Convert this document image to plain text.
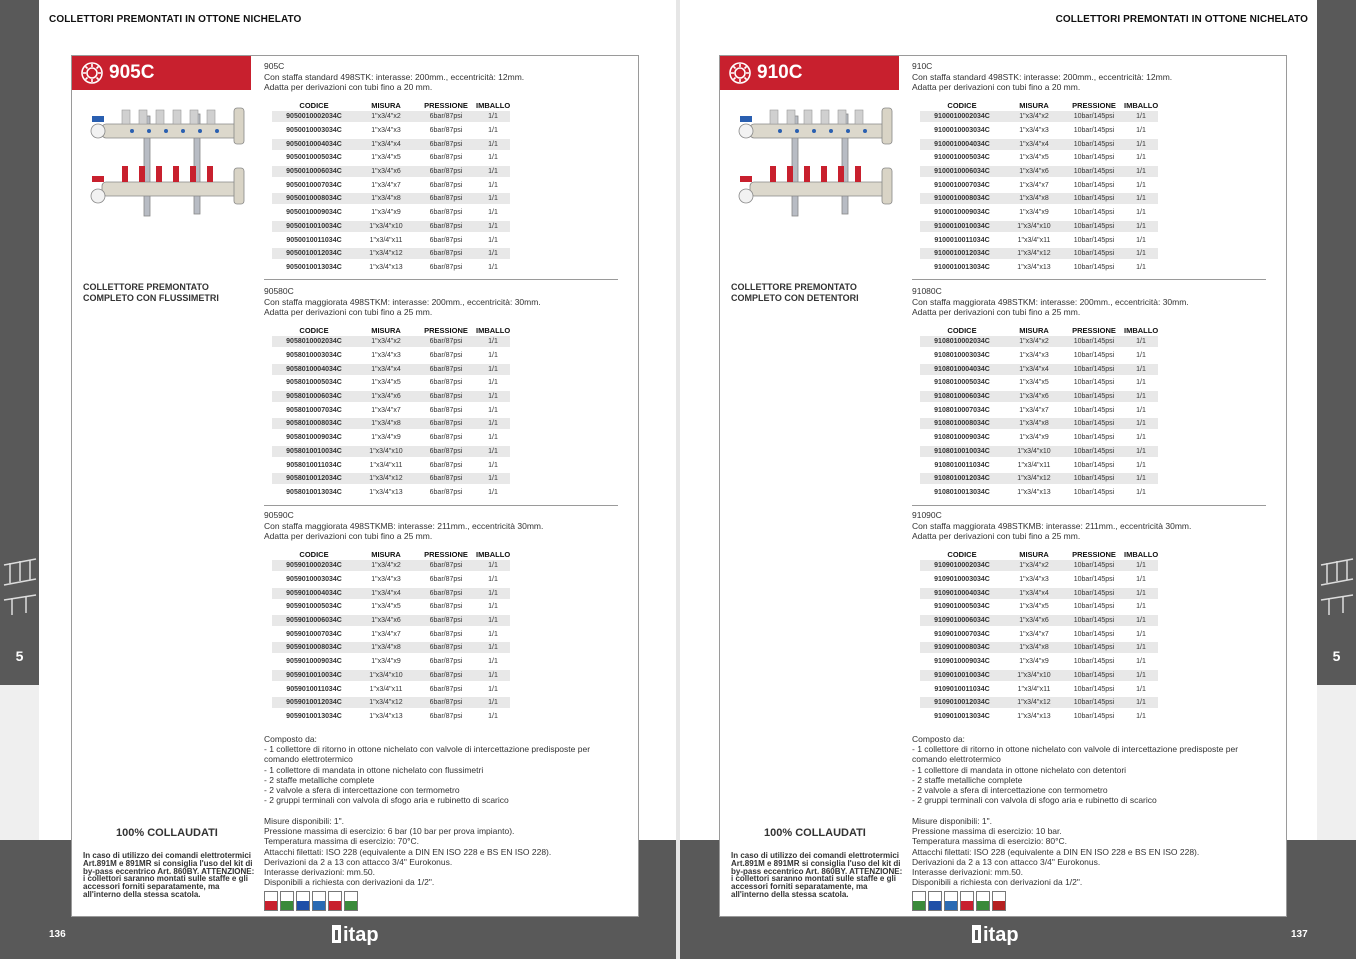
COLLETTORI PREMONTATI IN OTTONE NICHELATO	COLLETTORI PREMONTATI IN OTTONE NICHELATO
5	5
136	137
itap	itap
905C
COLLETTORE PREMONTATO COMPLETO CON FLUSSIMETRI
100% COLLAUDATI
In caso di utilizzo dei comandi elettrotermici Art.891M e 891MR si consiglia l'uso del kit di by-pass eccentrico Art. 860BY. ATTENZIONE: i collettori saranno montati sulle staffe e gli accessori forniti separatamente, ma all'interno della stessa scatola.
905C
Con staffa standard 498STK: interasse: 200mm., eccentricità: 12mm.
Adatta per derivazioni con tubi fino a 20 mm.
CODICE	MISURA	PRESSIONE	IMBALLO
9050010002034C	1"x3/4"x2	6bar/87psi	1/1
9050010003034C	1"x3/4"x3	6bar/87psi	1/1
9050010004034C	1"x3/4"x4	6bar/87psi	1/1
9050010005034C	1"x3/4"x5	6bar/87psi	1/1
9050010006034C	1"x3/4"x6	6bar/87psi	1/1
9050010007034C	1"x3/4"x7	6bar/87psi	1/1
9050010008034C	1"x3/4"x8	6bar/87psi	1/1
9050010009034C	1"x3/4"x9	6bar/87psi	1/1
9050010010034C	1"x3/4"x10	6bar/87psi	1/1
9050010011034C	1"x3/4"x11	6bar/87psi	1/1
9050010012034C	1"x3/4"x12	6bar/87psi	1/1
9050010013034C	1"x3/4"x13	6bar/87psi	1/1
90580C
Con staffa maggiorata 498STKM: interasse: 200mm., eccentricità: 30mm.
Adatta per derivazioni con tubi fino a 25 mm.
CODICE	MISURA	PRESSIONE	IMBALLO
9058010002034C	1"x3/4"x2	6bar/87psi	1/1
9058010003034C	1"x3/4"x3	6bar/87psi	1/1
9058010004034C	1"x3/4"x4	6bar/87psi	1/1
9058010005034C	1"x3/4"x5	6bar/87psi	1/1
9058010006034C	1"x3/4"x6	6bar/87psi	1/1
9058010007034C	1"x3/4"x7	6bar/87psi	1/1
9058010008034C	1"x3/4"x8	6bar/87psi	1/1
9058010009034C	1"x3/4"x9	6bar/87psi	1/1
9058010010034C	1"x3/4"x10	6bar/87psi	1/1
9058010011034C	1"x3/4"x11	6bar/87psi	1/1
9058010012034C	1"x3/4"x12	6bar/87psi	1/1
9058010013034C	1"x3/4"x13	6bar/87psi	1/1
90590C
Con staffa maggiorata 498STKMB: interasse: 211mm., eccentricità 30mm.
Adatta per derivazioni con tubi fino a 25 mm.
CODICE	MISURA	PRESSIONE	IMBALLO
9059010002034C	1"x3/4"x2	6bar/87psi	1/1
9059010003034C	1"x3/4"x3	6bar/87psi	1/1
9059010004034C	1"x3/4"x4	6bar/87psi	1/1
9059010005034C	1"x3/4"x5	6bar/87psi	1/1
9059010006034C	1"x3/4"x6	6bar/87psi	1/1
9059010007034C	1"x3/4"x7	6bar/87psi	1/1
9059010008034C	1"x3/4"x8	6bar/87psi	1/1
9059010009034C	1"x3/4"x9	6bar/87psi	1/1
9059010010034C	1"x3/4"x10	6bar/87psi	1/1
9059010011034C	1"x3/4"x11	6bar/87psi	1/1
9059010012034C	1"x3/4"x12	6bar/87psi	1/1
9059010013034C	1"x3/4"x13	6bar/87psi	1/1
Composto da:
- 1 collettore di ritorno in ottone nichelato con valvole di intercettazione predisposte per comando elettrotermico
- 1 collettore di mandata in ottone nichelato con flussimetri
- 2 staffe metalliche complete
- 2 valvole a sfera di intercettazione con termometro
- 2 gruppi terminali con valvola di sfogo aria e rubinetto di scarico
Misure disponibili: 1".
Pressione massima di esercizio: 6 bar (10 bar per prova impianto).
Temperatura massima di esercizio: 70°C.
Attacchi filettati: ISO 228 (equivalente a DIN EN ISO 228 e BS EN ISO 228).
Derivazioni da 2 a 13 con attacco 3/4" Eurokonus.
Interasse derivazioni: mm.50.
Disponibili a richiesta con derivazioni da 1/2".
910C
COLLETTORE PREMONTATO COMPLETO CON DETENTORI
100% COLLAUDATI
In caso di utilizzo dei comandi elettrotermici Art.891M e 891MR si consiglia l'uso del kit di by-pass eccentrico Art. 860BY. ATTENZIONE: i collettori saranno montati sulle staffe e gli accessori forniti separatamente, ma all'interno della stessa scatola.
910C
Con staffa standard 498STK: interasse: 200mm., eccentricità: 12mm.
Adatta per derivazioni con tubi fino a 20 mm.
CODICE	MISURA	PRESSIONE	IMBALLO
9100010002034C	1"x3/4"x2	10bar/145psi	1/1
9100010003034C	1"x3/4"x3	10bar/145psi	1/1
9100010004034C	1"x3/4"x4	10bar/145psi	1/1
9100010005034C	1"x3/4"x5	10bar/145psi	1/1
9100010006034C	1"x3/4"x6	10bar/145psi	1/1
9100010007034C	1"x3/4"x7	10bar/145psi	1/1
9100010008034C	1"x3/4"x8	10bar/145psi	1/1
9100010009034C	1"x3/4"x9	10bar/145psi	1/1
9100010010034C	1"x3/4"x10	10bar/145psi	1/1
9100010011034C	1"x3/4"x11	10bar/145psi	1/1
9100010012034C	1"x3/4"x12	10bar/145psi	1/1
9100010013034C	1"x3/4"x13	10bar/145psi	1/1
91080C
Con staffa maggiorata 498STKM: interasse: 200mm., eccentricità: 30mm.
Adatta per derivazioni con tubi fino a 25 mm.
CODICE	MISURA	PRESSIONE	IMBALLO
9108010002034C	1"x3/4"x2	10bar/145psi	1/1
9108010003034C	1"x3/4"x3	10bar/145psi	1/1
9108010004034C	1"x3/4"x4	10bar/145psi	1/1
9108010005034C	1"x3/4"x5	10bar/145psi	1/1
9108010006034C	1"x3/4"x6	10bar/145psi	1/1
9108010007034C	1"x3/4"x7	10bar/145psi	1/1
9108010008034C	1"x3/4"x8	10bar/145psi	1/1
9108010009034C	1"x3/4"x9	10bar/145psi	1/1
9108010010034C	1"x3/4"x10	10bar/145psi	1/1
9108010011034C	1"x3/4"x11	10bar/145psi	1/1
9108010012034C	1"x3/4"x12	10bar/145psi	1/1
9108010013034C	1"x3/4"x13	10bar/145psi	1/1
91090C
Con staffa maggiorata 498STKMB: interasse: 211mm., eccentricità 30mm.
Adatta per derivazioni con tubi fino a 25 mm.
CODICE	MISURA	PRESSIONE	IMBALLO
9109010002034C	1"x3/4"x2	10bar/145psi	1/1
9109010003034C	1"x3/4"x3	10bar/145psi	1/1
9109010004034C	1"x3/4"x4	10bar/145psi	1/1
9109010005034C	1"x3/4"x5	10bar/145psi	1/1
9109010006034C	1"x3/4"x6	10bar/145psi	1/1
9109010007034C	1"x3/4"x7	10bar/145psi	1/1
9109010008034C	1"x3/4"x8	10bar/145psi	1/1
9109010009034C	1"x3/4"x9	10bar/145psi	1/1
9109010010034C	1"x3/4"x10	10bar/145psi	1/1
9109010011034C	1"x3/4"x11	10bar/145psi	1/1
9109010012034C	1"x3/4"x12	10bar/145psi	1/1
9109010013034C	1"x3/4"x13	10bar/145psi	1/1
Composto da:
- 1 collettore di ritorno in ottone nichelato con valvole di intercettazione predisposte per comando elettrotermico
- 1 collettore di mandata in ottone nichelato con detentori
- 2 staffe metalliche complete
- 2 valvole a sfera di intercettazione con termometro
- 2 gruppi terminali con valvola di sfogo aria e rubinetto di scarico
Misure disponibili: 1".
Pressione massima di esercizio: 10 bar.
Temperatura massima di esercizio: 80°C.
Attacchi filettati: ISO 228 (equivalente a DIN EN ISO 228 e BS EN ISO 228).
Derivazioni da 2 a 13 con attacco 3/4" Eurokonus.
Interasse derivazioni: mm.50.
Disponibili a richiesta con derivazioni da 1/2".
